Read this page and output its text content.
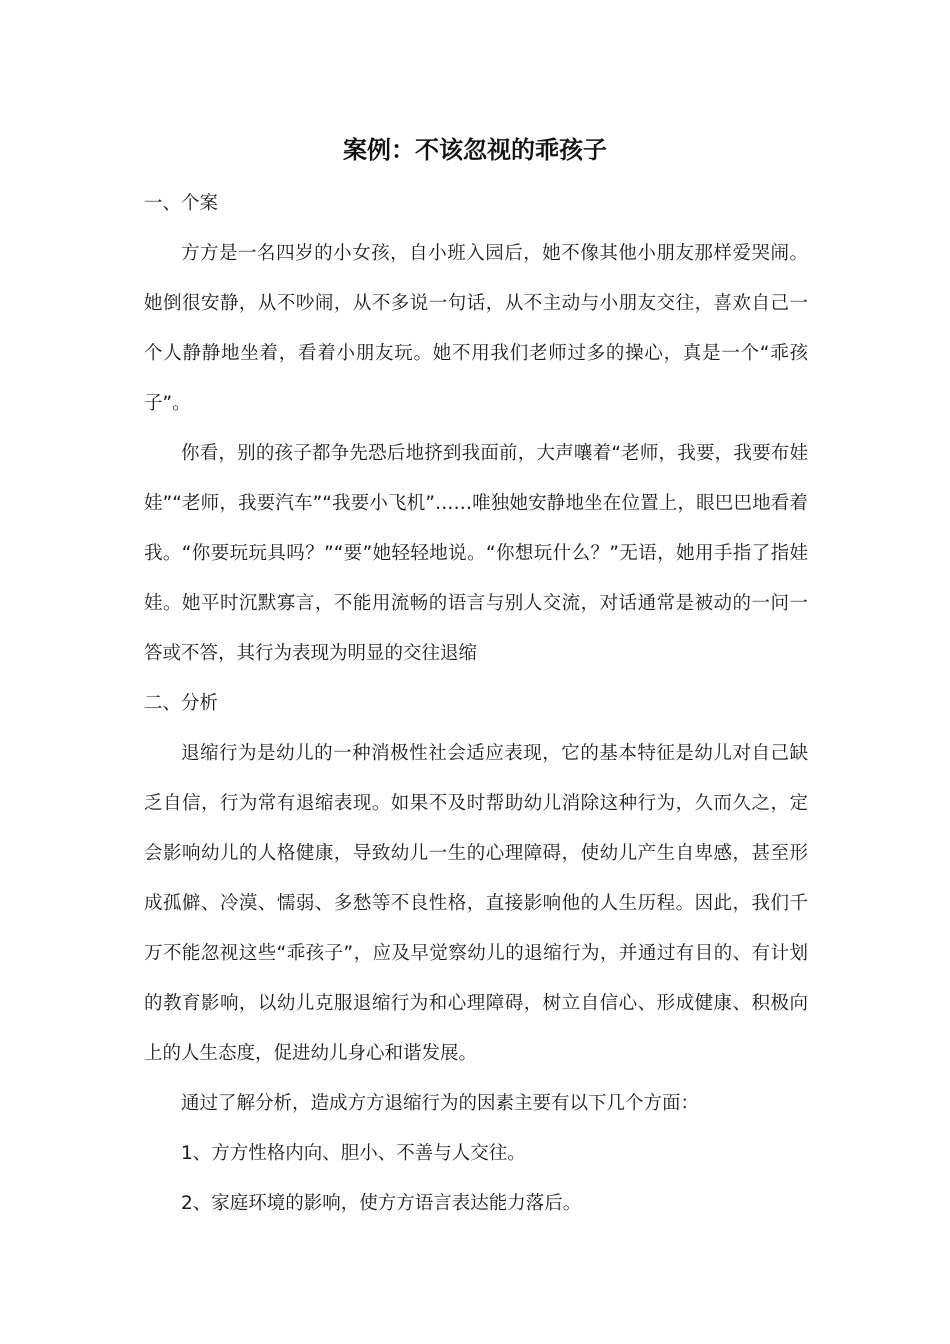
案例：不该忽视的乖孩子

一、个案

方方是一名四岁的小女孩，自小班入园后，她不像其他小朋友那样爱哭闹。她倒很安静，从不吵闹，从不多说一句话，从不主动与小朋友交往，喜欢自己一个人静静地坐着，看着小朋友玩。她不用我们老师过多的操心，真是一个“乖孩子”。

你看，别的孩子都争先恐后地挤到我面前，大声嚷着“老师，我要，我要布娃娃”“老师，我要汽车”“我要小飞机”……唯独她安静地坐在位置上，眼巴巴地看着我。“你要玩玩具吗？”“要”她轻轻地说。“你想玩什么？”无语，她用手指了指娃娃。她平时沉默寡言，不能用流畅的语言与别人交流，对话通常是被动的一问一答或不答，其行为表现为明显的交往退缩

二、分析

退缩行为是幼儿的一种消极性社会适应表现，它的基本特征是幼儿对自己缺乏自信，行为常有退缩表现。如果不及时帮助幼儿消除这种行为，久而久之，定会影响幼儿的人格健康，导致幼儿一生的心理障碍，使幼儿产生自卑感，甚至形成孤僻、冷漠、懦弱、多愁等不良性格，直接影响他的人生历程。因此，我们千万不能忽视这些“乖孩子”，应及早觉察幼儿的退缩行为，并通过有目的、有计划的教育影响，以幼儿克服退缩行为和心理障碍，树立自信心、形成健康、积极向上的人生态度，促进幼儿身心和谐发展。

通过了解分析，造成方方退缩行为的因素主要有以下几个方面：

1、方方性格内向、胆小、不善与人交往。

2、家庭环境的影响，使方方语言表达能力落后。
